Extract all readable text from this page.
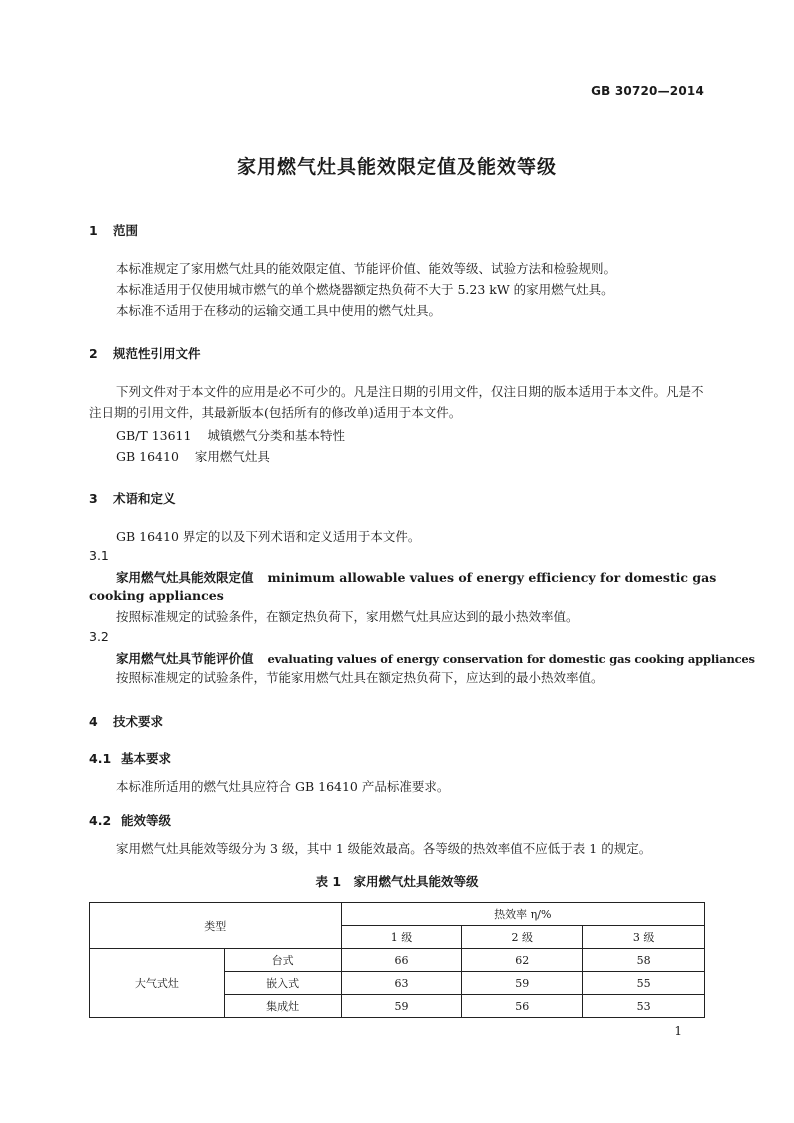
GB 30720—2014
家用燃气灶具能效限定值及能效等级
1 范围
本标准规定了家用燃气灶具的能效限定值、节能评价值、能效等级、试验方法和检验规则。
本标准适用于仅使用城市燃气的单个燃烧器额定热负荷不大于 5.23 kW 的家用燃气灶具。
本标准不适用于在移动的运输交通工具中使用的燃气灶具。
2 规范性引用文件
下列文件对于本文件的应用是必不可少的。凡是注日期的引用文件，仅注日期的版本适用于本文件。凡是不注日期的引用文件，其最新版本(包括所有的修改单)适用于本文件。
GB/T 13611 城镇燃气分类和基本特性
GB 16410 家用燃气灶具
3 术语和定义
GB 16410 界定的以及下列术语和定义适用于本文件。
3.1
家用燃气灶具能效限定值 minimum allowable values of energy efficiency for domestic gas
cooking appliances
按照标准规定的试验条件，在额定热负荷下，家用燃气灶具应达到的最小热效率值。
3.2
家用燃气灶具节能评价值 evaluating values of energy conservation for domestic gas cooking appliances
按照标准规定的试验条件，节能家用燃气灶具在额定热负荷下，应达到的最小热效率值。
4 技术要求
4.1 基本要求
本标准所适用的燃气灶具应符合 GB 16410 产品标准要求。
4.2 能效等级
家用燃气灶具能效等级分为 3 级，其中 1 级能效最高。各等级的热效率值不应低于表 1 的规定。
表 1　家用燃气灶具能效等级
类型		热效率 η/%		
		1 级	2 级	3 级
大气式灶	台式	66	62	58
	嵌入式	63	59	55
	集成灶	59	56	53
1
